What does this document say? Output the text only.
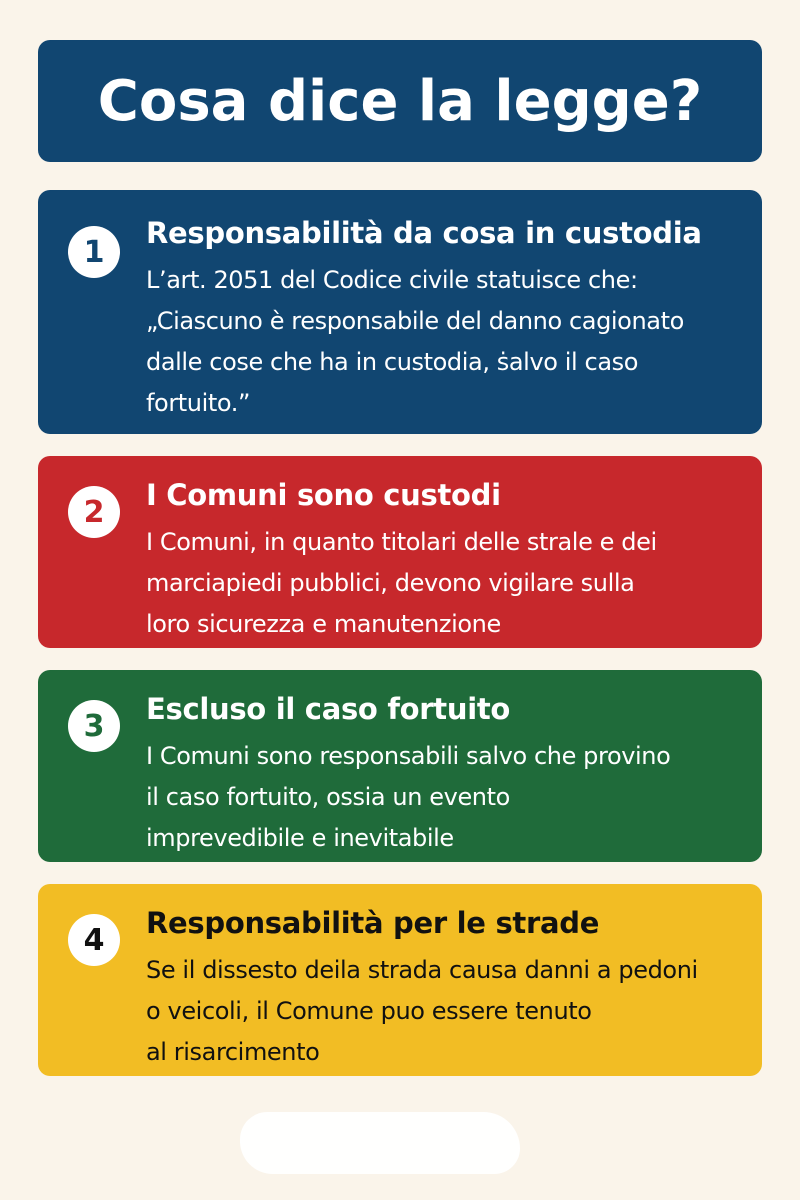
Cosa dice la legge?
1

Responsabilità da cosa in custodia

L’art. 2051 del Codice civile statuisce che:
„Ciascuno è responsabile del danno cagionato
dalle cose che ha in custodia, ṡalvo il caso
fortuito.”

2 I Comuni sono custodi

I Comuni, in quanto titolari delle strale e dei
marciapiedi pubblici, devono vigilare sulla
loro sicurezza e manutenzione

3 Escluso il caso fortuito

I Comuni sono responsabili salvo che provino
il caso fortuito, ossia un evento
imprevedibile e inevitabile

4 Responsabilità per le strade

Se il dissesto deila strada causa danni a pedoni
o veicoli, il Comune puo essere tenuto
al risarcimento
